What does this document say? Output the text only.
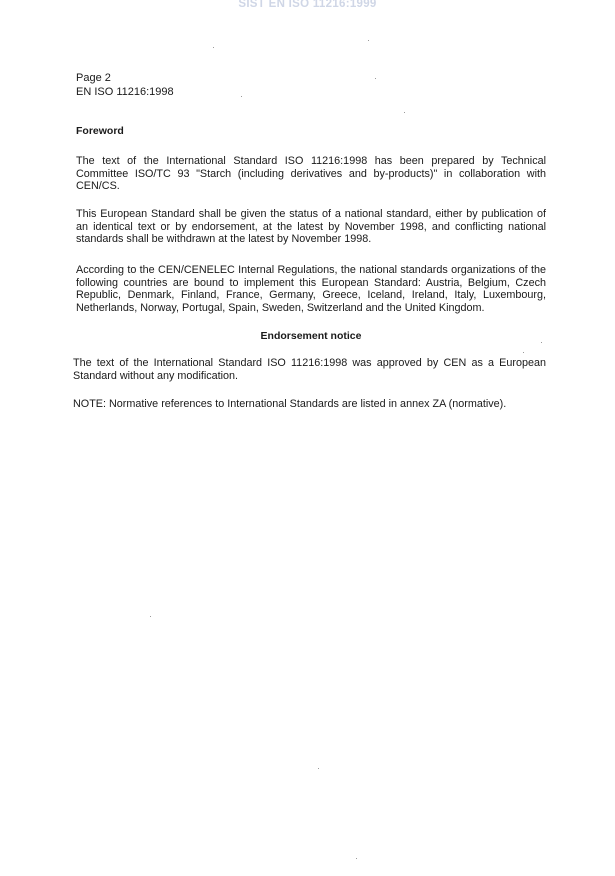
SIST EN ISO 11216:1999
Page 2
EN ISO 11216:1998
Foreword

The text of the International Standard ISO 11216:1998 has been prepared by Technical Committee ISO/TC 93 "Starch (including derivatives and by-products)" in collaboration with CEN/CS.

This European Standard shall be given the status of a national standard, either by publication of an identical text or by endorsement, at the latest by November 1998, and conflicting national standards shall be withdrawn at the latest by November 1998.

According to the CEN/CENELEC Internal Regulations, the national standards organizations of the following countries are bound to implement this European Standard: Austria, Belgium, Czech Republic, Denmark, Finland, France, Germany, Greece, Iceland, Ireland, Italy, Luxembourg, Netherlands, Norway, Portugal, Spain, Sweden, Switzerland and the United Kingdom.

Endorsement notice

The text of the International Standard ISO 11216:1998 was approved by CEN as a European Standard without any modification.

NOTE: Normative references to International Standards are listed in annex ZA (normative).
